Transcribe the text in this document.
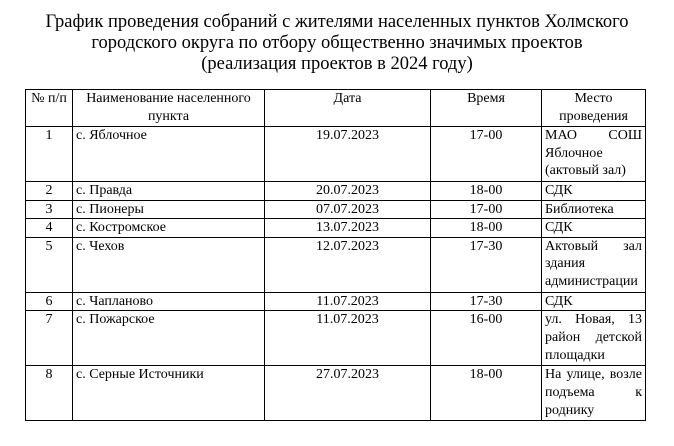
График проведения собраний с жителями населенных пунктов Холмского
городского округа по отбору общественно значимых проектов
(реализация проектов в 2024 году)
№ п/п	Наименование населенного пункта	Дата	Время	Место проведения
1	с. Яблочное	19.07.2023	17-00	МАО СОШ Яблочное (актовый зал)
2	с. Правда	20.07.2023	18-00	СДК
3	с. Пионеры	07.07.2023	17-00	Библиотека
4	с. Костромское	13.07.2023	18-00	СДК
5	с. Чехов	12.07.2023	17-30	Актовый зал здания администрации
6	с. Чапланово	11.07.2023	17-30	СДК
7	с. Пожарское	11.07.2023	16-00	ул. Новая, 13 район детской площадки
8	с. Серные Источники	27.07.2023	18-00	На улице, возле подъема к роднику
